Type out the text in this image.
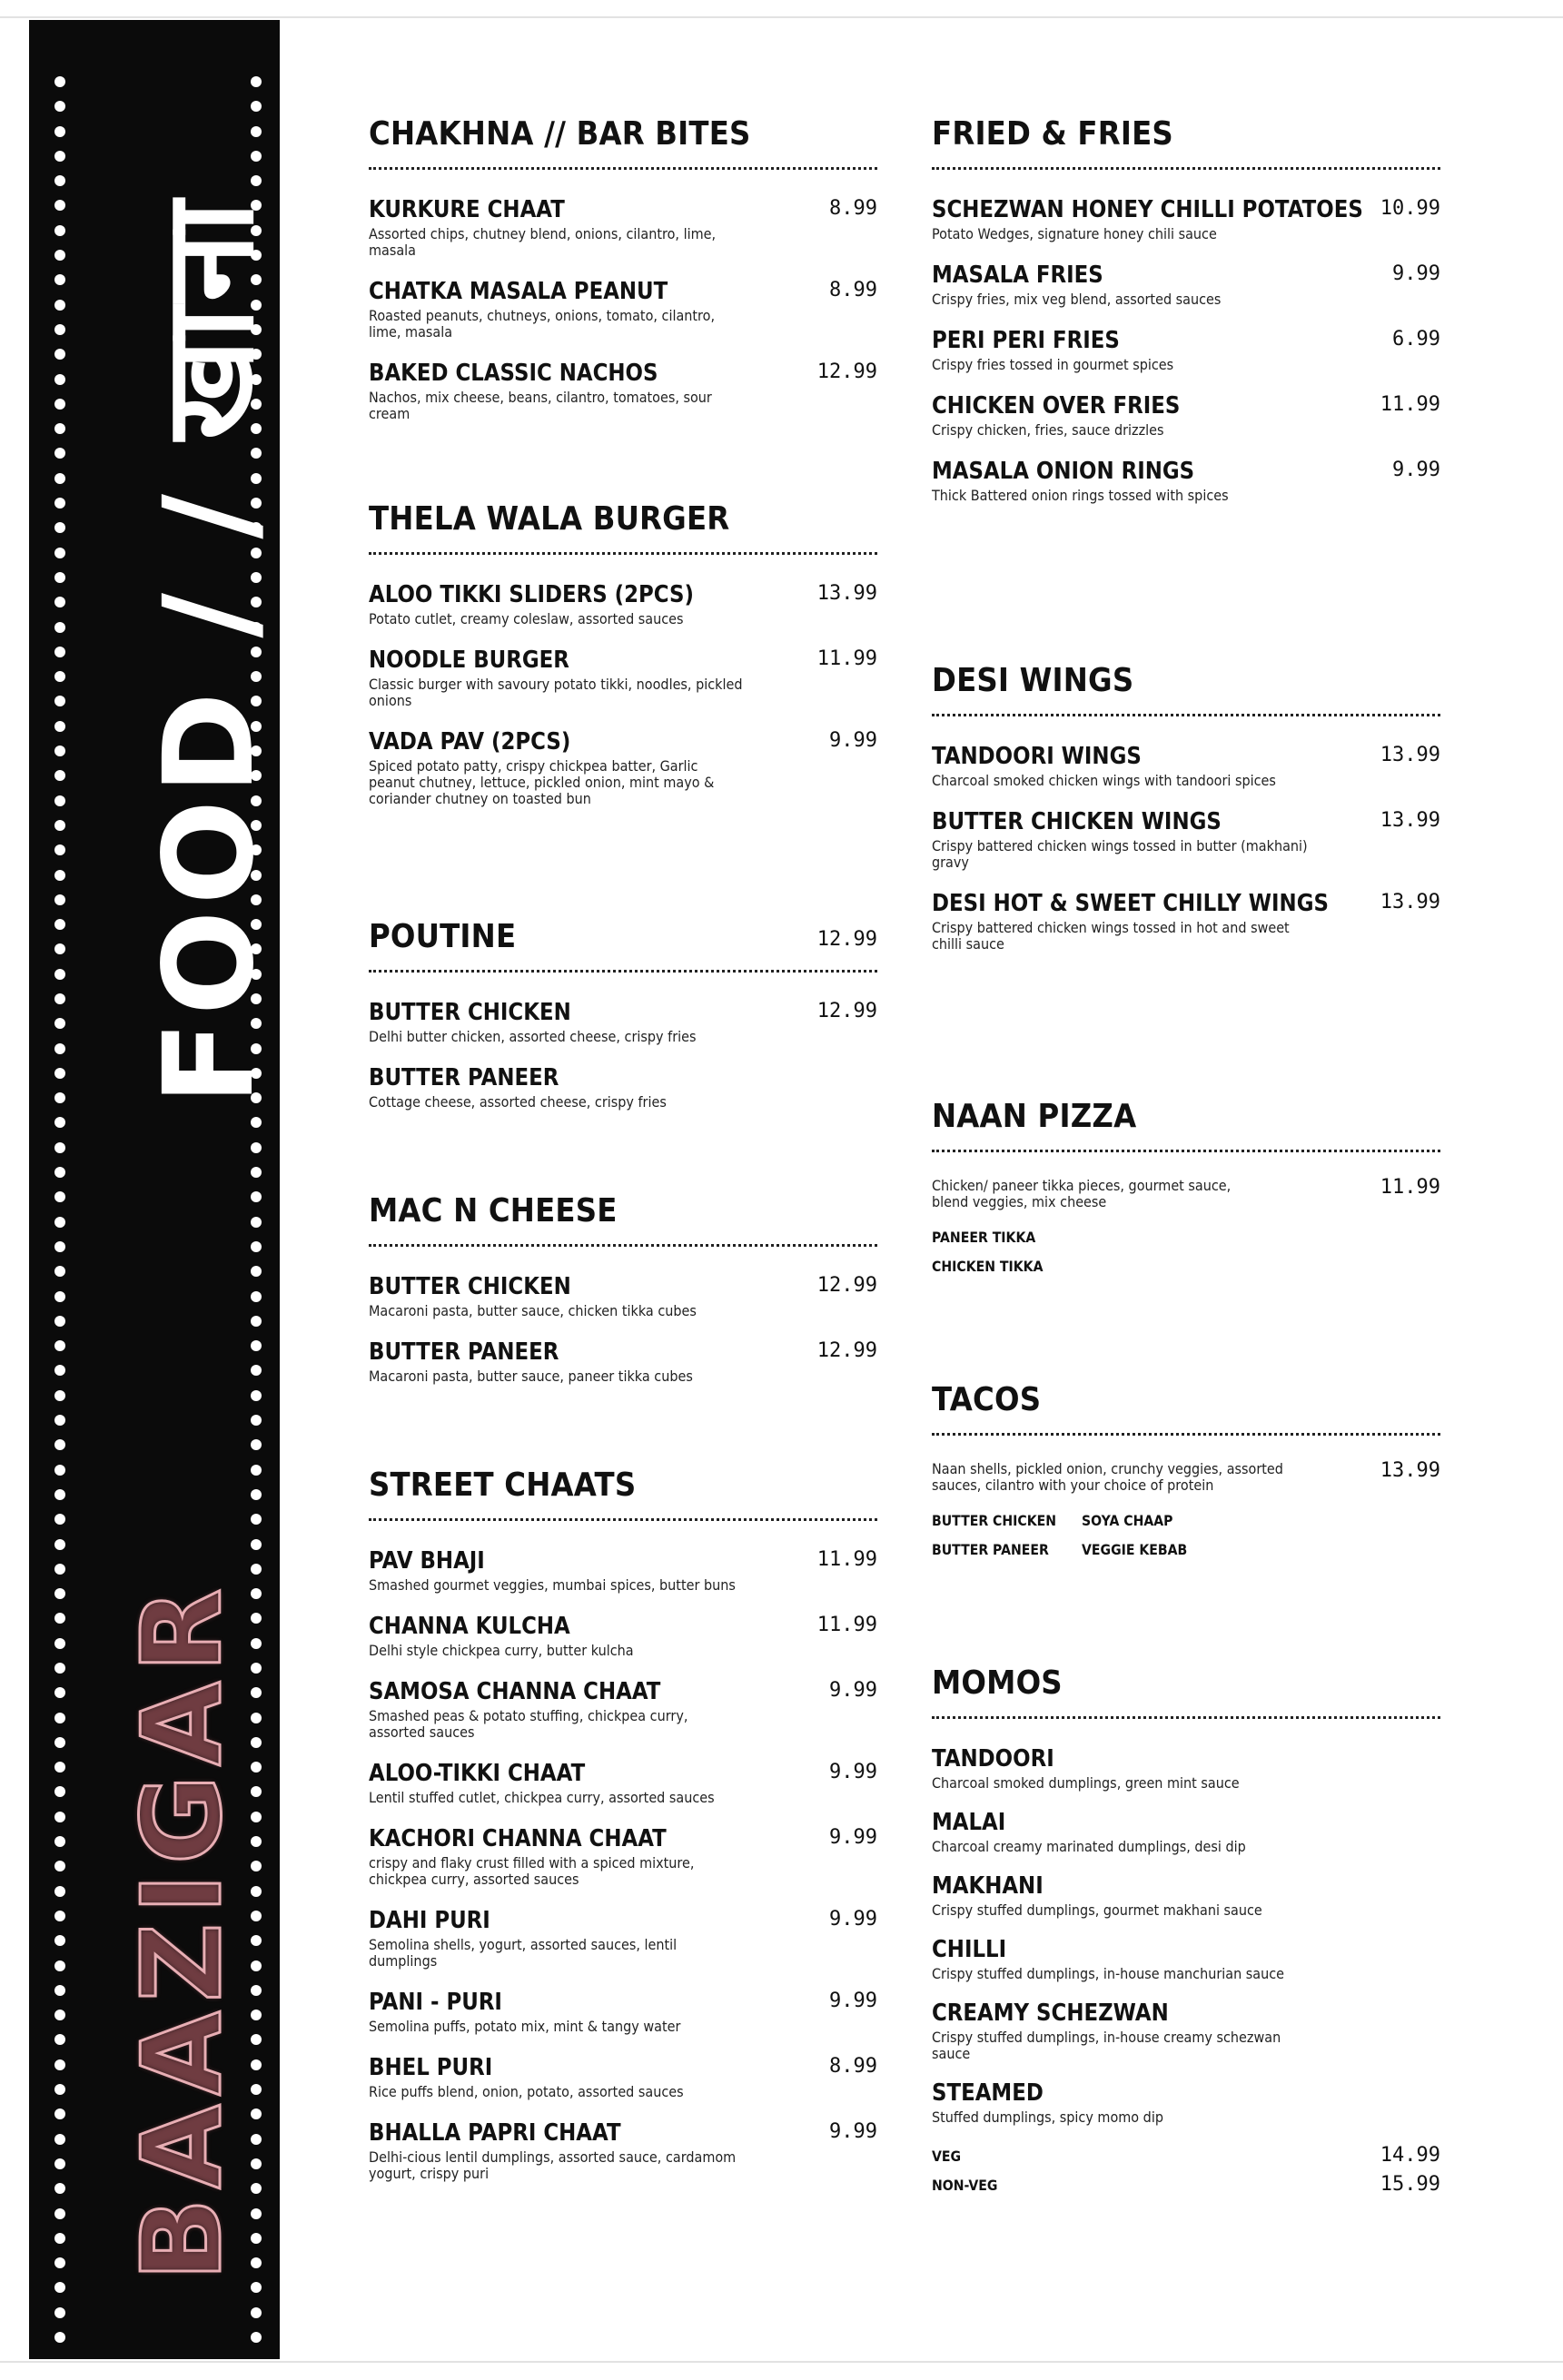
FOOD / / खाना
BAAZIGAR
CHAKHNA // BAR BITES
KURKURE CHAAT
Assorted chips, chutney blend, onions, cilantro, lime, masala
8.99
CHATKA MASALA PEANUT
Roasted peanuts, chutneys, onions, tomato, cilantro, lime, masala
8.99
BAKED CLASSIC NACHOS
Nachos, mix cheese, beans, cilantro, tomatoes, sour cream
12.99
THELA WALA BURGER
ALOO TIKKI SLIDERS (2PCS)
Potato cutlet, creamy coleslaw, assorted sauces
13.99
NOODLE BURGER
Classic burger with savoury potato tikki, noodles, pickled onions
11.99
VADA PAV (2PCS)
Spiced potato patty, crispy chickpea batter, Garlic peanut chutney, lettuce, pickled onion, mint mayo & coriander chutney on toasted bun
9.99
POUTINE	12.99
BUTTER CHICKEN
Delhi butter chicken, assorted cheese, crispy fries
12.99
BUTTER PANEER
Cottage cheese, assorted cheese, crispy fries
MAC N CHEESE
BUTTER CHICKEN
Macaroni pasta, butter sauce, chicken tikka cubes
12.99
BUTTER PANEER
Macaroni pasta, butter sauce, paneer tikka cubes
12.99
STREET CHAATS
PAV BHAJI
Smashed gourmet veggies, mumbai spices, butter buns
11.99
CHANNA KULCHA
Delhi style chickpea curry, butter kulcha
11.99
SAMOSA CHANNA CHAAT
Smashed peas & potato stuffing, chickpea curry, assorted sauces
9.99
ALOO-TIKKI CHAAT
Lentil stuffed cutlet, chickpea curry, assorted sauces
9.99
KACHORI CHANNA CHAAT
crispy and flaky crust filled with a spiced mixture, chickpea curry, assorted sauces
9.99
DAHI PURI
Semolina shells, yogurt, assorted sauces, lentil dumplings
9.99
PANI - PURI
Semolina puffs, potato mix, mint & tangy water
9.99
BHEL PURI
Rice puffs blend, onion, potato, assorted sauces
8.99
BHALLA PAPRI CHAAT
Delhi-cious lentil dumplings, assorted sauce, cardamom yogurt, crispy puri
9.99
FRIED & FRIES
SCHEZWAN HONEY CHILLI POTATOES
Potato Wedges, signature honey chili sauce
10.99
MASALA FRIES
Crispy fries, mix veg blend, assorted sauces
9.99
PERI PERI FRIES
Crispy fries tossed in gourmet spices
6.99
CHICKEN OVER FRIES
Crispy chicken, fries, sauce drizzles
11.99
MASALA ONION RINGS
Thick Battered onion rings tossed with spices
9.99
DESI WINGS
TANDOORI WINGS
Charcoal smoked chicken wings with tandoori spices
13.99
BUTTER CHICKEN WINGS
Crispy battered chicken wings tossed in butter (makhani) gravy
13.99
DESI HOT & SWEET CHILLY WINGS
Crispy battered chicken wings tossed in hot and sweet chilli sauce
13.99
NAAN PIZZA
Chicken/ paneer tikka pieces, gourmet sauce, blend veggies, mix cheese
11.99
PANEER TIKKA
CHICKEN TIKKA
TACOS
Naan shells, pickled onion, crunchy veggies, assorted sauces, cilantro with your choice of protein
13.99
BUTTER CHICKEN	SOYA CHAAP
BUTTER PANEER	VEGGIE KEBAB
MOMOS
TANDOORI
Charcoal smoked dumplings, green mint sauce
MALAI
Charcoal creamy marinated dumplings, desi dip
MAKHANI
Crispy stuffed dumplings, gourmet makhani sauce
CHILLI
Crispy stuffed dumplings, in-house manchurian sauce
CREAMY SCHEZWAN
Crispy stuffed dumplings, in-house creamy schezwan sauce
STEAMED
Stuffed dumplings, spicy momo dip
VEG	14.99
NON-VEG	15.99
